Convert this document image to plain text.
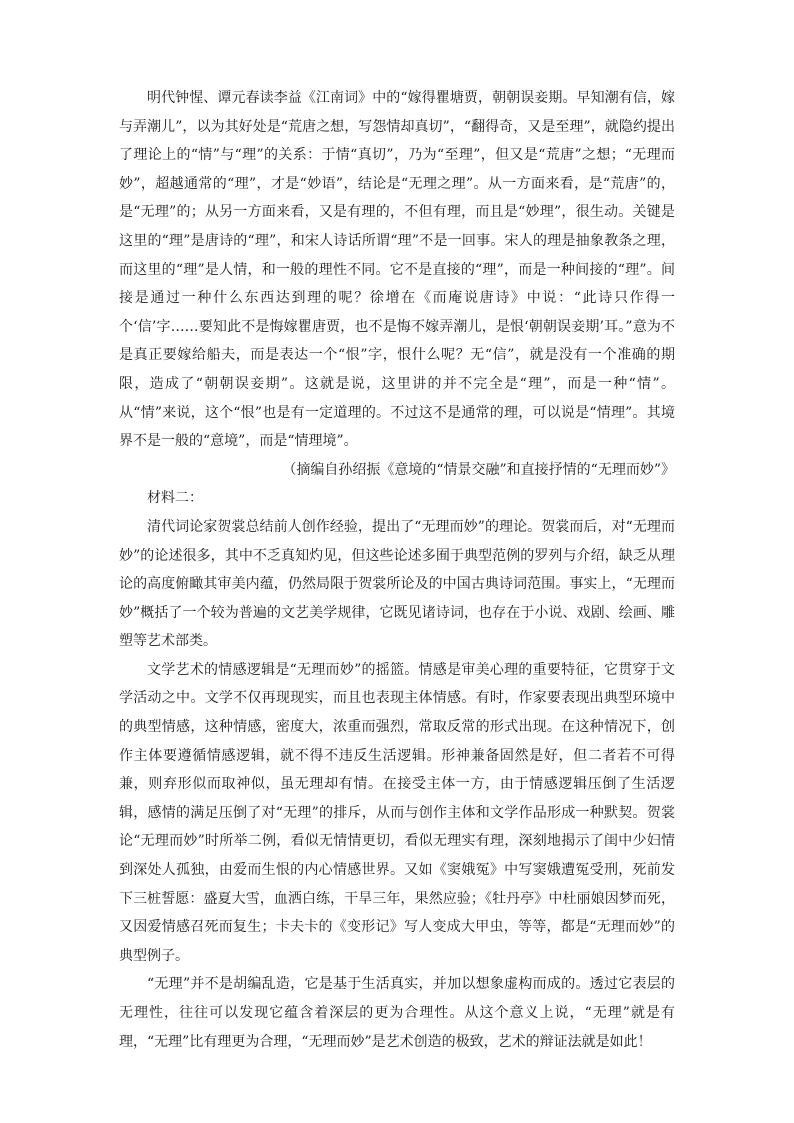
明代钟惺、谭元春读李益《江南词》中的“嫁得瞿塘贾，朝朝误妾期。早知潮有信，嫁与弄潮儿”，以为其好处是“荒唐之想，写怨情却真切”，“翻得奇，又是至理”，就隐约提出了理论上的“情”与“理”的关系：于情“真切”，乃为“至理”，但又是“荒唐”之想；“无理而妙”，超越通常的“理”，才是“妙语”，结论是“无理之理”。从一方面来看，是“荒唐”的，是“无理”的；从另一方面来看，又是有理的，不但有理，而且是“妙理”，很生动。关键是这里的“理”是唐诗的“理”，和宋人诗话所谓“理”不是一回事。宋人的理是抽象教条之理，而这里的“理”是人情，和一般的理性不同。它不是直接的“理”，而是一种间接的“理”。间接是通过一种什么东西达到理的呢？徐增在《而庵说唐诗》中说：“此诗只作得一个‘信’字……要知此不是悔嫁瞿唐贾，也不是悔不嫁弄潮儿，是恨‘朝朝误妾期’耳。”意为不是真正要嫁给船夫，而是表达一个“恨”字，恨什么呢？无“信”，就是没有一个准确的期限，造成了“朝朝误妾期”。这就是说，这里讲的并不完全是“理”，而是一种“情”。从“情”来说，这个“恨”也是有一定道理的。不过这不是通常的理，可以说是“情理”。其境界不是一般的“意境”，而是“情理境”。

（摘编自孙绍振《意境的“情景交融”和直接抒情的“无理而妙”》

材料二：

清代词论家贺裳总结前人创作经验，提出了“无理而妙”的理论。贺裳而后，对“无理而妙”的论述很多，其中不乏真知灼见，但这些论述多囿于典型范例的罗列与介绍，缺乏从理论的高度俯瞰其审美内蕴，仍然局限于贺裳所论及的中国古典诗词范围。事实上，“无理而妙”概括了一个较为普遍的文艺美学规律，它既见诸诗词，也存在于小说、戏剧、绘画、雕塑等艺术部类。

文学艺术的情感逻辑是“无理而妙”的摇篮。情感是审美心理的重要特征，它贯穿于文学活动之中。文学不仅再现现实，而且也表现主体情感。有时，作家要表现出典型环境中的典型情感，这种情感，密度大，浓重而强烈，常取反常的形式出现。在这种情况下，创作主体要遵循情感逻辑，就不得不违反生活逻辑。形神兼备固然是好，但二者若不可得兼，则弃形似而取神似，虽无理却有情。在接受主体一方，由于情感逻辑压倒了生活逻辑，感情的满足压倒了对“无理”的排斥，从而与创作主体和文学作品形成一种默契。贺裳论“无理而妙”时所举二例，看似无情情更切，看似无理实有理，深刻地揭示了闺中少妇情到深处人孤独，由爱而生恨的内心情感世界。又如《窦娥冤》中写窦娥遭冤受刑，死前发下三桩誓愿：盛夏大雪，血洒白练，干旱三年，果然应验；《牡丹亭》中杜丽娘因梦而死，又因爱情感召死而复生；卡夫卡的《变形记》写人变成大甲虫，等等，都是“无理而妙”的典型例子。

“无理”并不是胡编乱造，它是基于生活真实，并加以想象虚构而成的。透过它表层的无理性，往往可以发现它蕴含着深层的更为合理性。从这个意义上说，“无理”就是有理，“无理”比有理更为合理，“无理而妙”是艺术创造的极致，艺术的辩证法就是如此！
